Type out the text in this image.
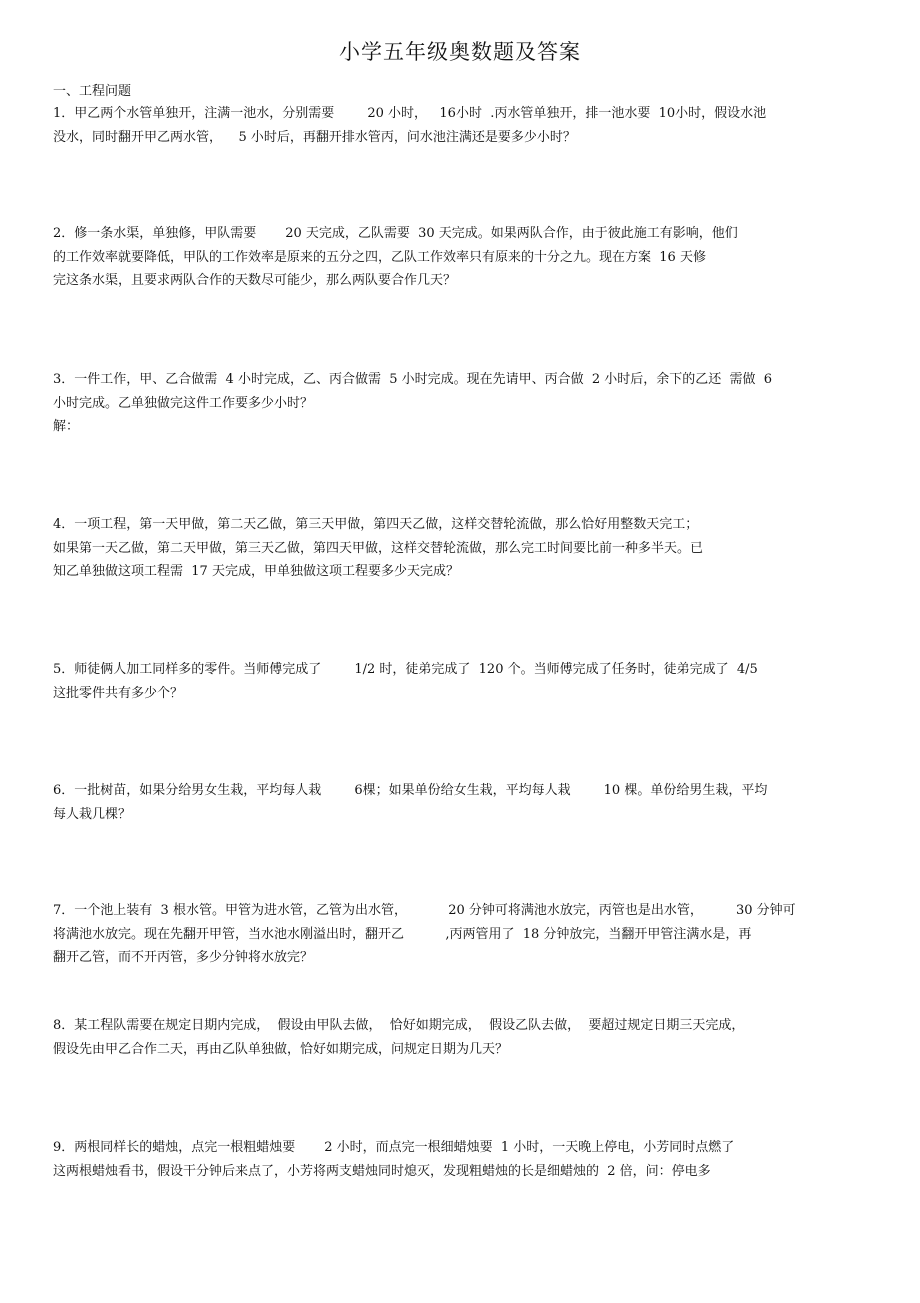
小学五年级奥数题及答案
一、工程问题
1．甲乙两个水管单独开，注满一池水，分别需要        20 小时，   16小时  .丙水管单独开，排一池水要  10小时，假设水池
没水，同时翻开甲乙两水管，    5 小时后，再翻开排水管丙，问水池注满还是要多少小时？
2．修一条水渠，单独修，甲队需要       20 天完成，乙队需要  30 天完成。如果两队合作，由于彼此施工有影响，他们
的工作效率就要降低，甲队的工作效率是原来的五分之四，乙队工作效率只有原来的十分之九。现在方案  16 天修
完这条水渠，且要求两队合作的天数尽可能少，那么两队要合作几天？
3．一件工作，甲、乙合做需  4 小时完成，乙、丙合做需  5 小时完成。现在先请甲、丙合做  2 小时后，余下的乙还  需做  6
小时完成。乙单独做完这件工作要多少小时？
解：
4．一项工程，第一天甲做，第二天乙做，第三天甲做，第四天乙做，这样交替轮流做，那么恰好用整数天完工；
如果第一天乙做，第二天甲做，第三天乙做，第四天甲做，这样交替轮流做，那么完工时间要比前一种多半天。已
知乙单独做这项工程需  17 天完成，甲单独做这项工程要多少天完成？
5．师徒俩人加工同样多的零件。当师傅完成了        1/2 时，徒弟完成了  120 个。当师傅完成了任务时，徒弟完成了  4/5
这批零件共有多少个？
6．一批树苗，如果分给男女生栽，平均每人栽        6棵；如果单份给女生栽，平均每人栽        10 棵。单份给男生栽，平均
每人栽几棵？
7．一个池上装有  3 根水管。甲管为进水管，乙管为出水管，          20 分钟可将满池水放完，丙管也是出水管，        30 分钟可
将满池水放完。现在先翻开甲管，当水池水刚溢出时，翻开乙          ,丙两管用了  18 分钟放完，当翻开甲管注满水是，再
翻开乙管，而不开丙管，多少分钟将水放完？
8．某工程队需要在规定日期内完成，  假设由甲队去做，  恰好如期完成，  假设乙队去做，  要超过规定日期三天完成，
假设先由甲乙合作二天，再由乙队单独做，恰好如期完成，问规定日期为几天？
9．两根同样长的蜡烛，点完一根粗蜡烛要       2 小时，而点完一根细蜡烛要  1 小时，一天晚上停电，小芳同时点燃了
这两根蜡烛看书，假设干分钟后来点了，小芳将两支蜡烛同时熄灭，发现粗蜡烛的长是细蜡烛的  2 倍，问：停电多
